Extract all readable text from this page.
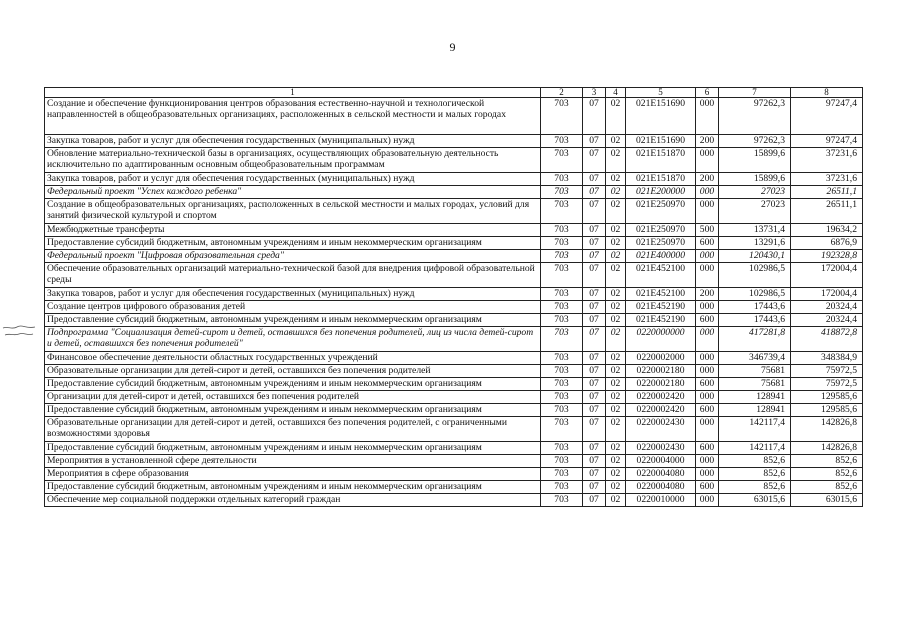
9
1	2	3	4	5	6	7	8
Создание и обеспечение функционирования центров образования естественно-научной и технологической направленностей в общеобразовательных организациях, расположенных в сельской местности и малых городах	703	07	02	021E151690	000	97262,3	97247,4
Закупка товаров, работ и услуг для обеспечения государственных (муниципальных) нужд	703	07	02	021E151690	200	97262,3	97247,4
Обновление материально-технической базы в организациях, осуществляющих образовательную деятельность исключительно по адаптированным основным общеобразовательным программам	703	07	02	021E151870	000	15899,6	37231,6
Закупка товаров, работ и услуг для обеспечения государственных (муниципальных) нужд	703	07	02	021E151870	200	15899,6	37231,6
Федеральный проект "Успех каждого ребенка"	703	07	02	021E200000	000	27023	26511,1
Создание в общеобразовательных организациях, расположенных в сельской местности и малых городах, условий для занятий физической культурой и спортом	703	07	02	021E250970	000	27023	26511,1
Межбюджетные трансферты	703	07	02	021E250970	500	13731,4	19634,2
Предоставление субсидий бюджетным, автономным учреждениям и иным некоммерческим организациям	703	07	02	021E250970	600	13291,6	6876,9
Федеральный проект "Цифровая образовательная среда"	703	07	02	021E400000	000	120430,1	192328,8
Обеспечение образовательных организаций материально-технической базой для внедрения цифровой образовательной среды	703	07	02	021E452100	000	102986,5	172004,4
Закупка товаров, работ и услуг для обеспечения государственных (муниципальных) нужд	703	07	02	021E452100	200	102986,5	172004,4
Создание центров цифрового образования детей	703	07	02	021E452190	000	17443,6	20324,4
Предоставление субсидий бюджетным, автономным учреждениям и иным некоммерческим организациям	703	07	02	021E452190	600	17443,6	20324,4
Подпрограмма "Социализация детей-сирот и детей, оставшихся без попечения родителей, лиц из числа детей-сирот и детей, оставшихся без попечения родителей"	703	07	02	0220000000	000	417281,8	418872,8
Финансовое обеспечение деятельности областных государственных учреждений	703	07	02	0220002000	000	346739,4	348384,9
Образовательные организации для детей-сирот и детей, оставшихся без попечения родителей	703	07	02	0220002180	000	75681	75972,5
Предоставление субсидий бюджетным, автономным учреждениям и иным некоммерческим организациям	703	07	02	0220002180	600	75681	75972,5
Организации для детей-сирот и детей, оставшихся без попечения родителей	703	07	02	0220002420	000	128941	129585,6
Предоставление субсидий бюджетным, автономным учреждениям и иным некоммерческим организациям	703	07	02	0220002420	600	128941	129585,6
Образовательные организации для детей-сирот и детей, оставшихся без попечения родителей, с ограниченными возможностями здоровья	703	07	02	0220002430	000	142117,4	142826,8
Предоставление субсидий бюджетным, автономным учреждениям и иным некоммерческим организациям	703	07	02	0220002430	600	142117,4	142826,8
Мероприятия в установленной сфере деятельности	703	07	02	0220004000	000	852,6	852,6
Мероприятия в сфере образования	703	07	02	0220004080	000	852,6	852,6
Предоставление субсидий бюджетным, автономным учреждениям и иным некоммерческим организациям	703	07	02	0220004080	600	852,6	852,6
Обеспечение мер социальной поддержки отдельных категорий граждан	703	07	02	0220010000	000	63015,6	63015,6
